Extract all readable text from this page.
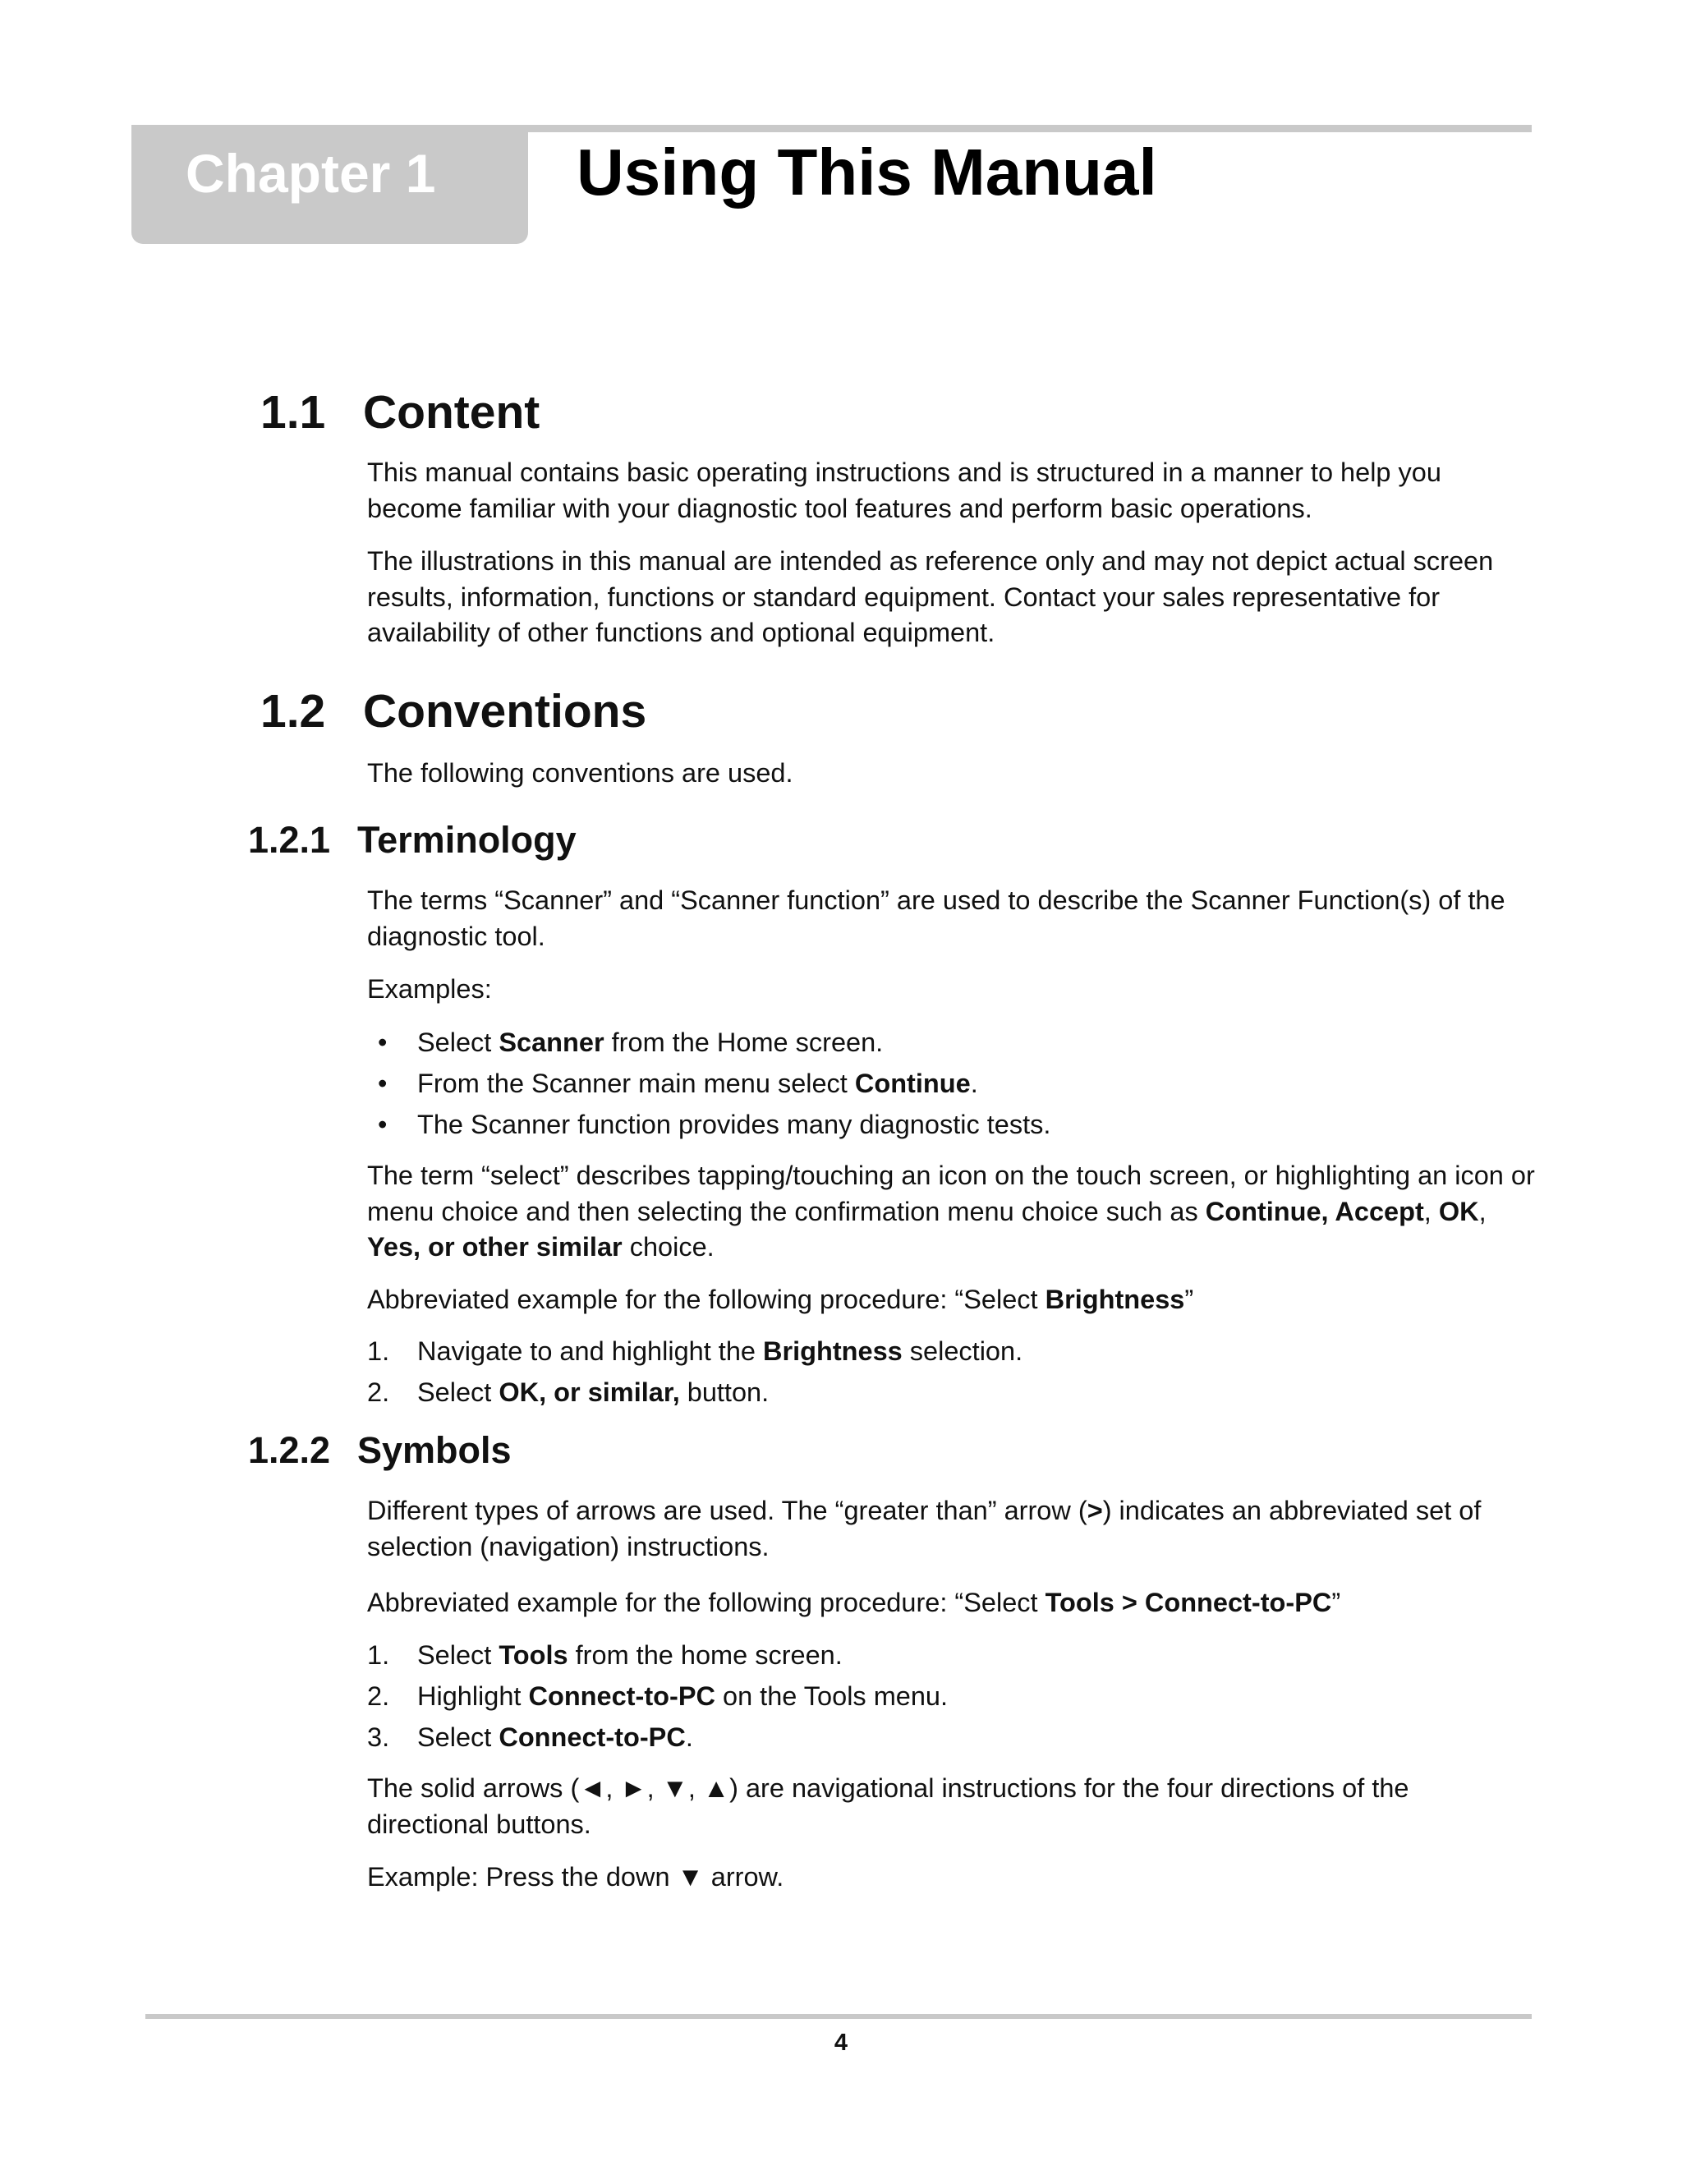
Chapter 1 Using This Manual
1.1 Content
This manual contains basic operating instructions and is structured in a manner to help you become familiar with your diagnostic tool features and perform basic operations.
The illustrations in this manual are intended as reference only and may not depict actual screen results, information, functions or standard equipment. Contact your sales representative for availability of other functions and optional equipment.
1.2 Conventions
The following conventions are used.
1.2.1 Terminology
The terms “Scanner” and “Scanner function” are used to describe the Scanner Function(s) of the diagnostic tool.
Examples:
• Select Scanner from the Home screen.
• From the Scanner main menu select Continue.
• The Scanner function provides many diagnostic tests.
The term “select” describes tapping/touching an icon on the touch screen, or highlighting an icon or menu choice and then selecting the confirmation menu choice such as Continue, Accept, OK, Yes, or other similar choice.
Abbreviated example for the following procedure: “Select Brightness”
1. Navigate to and highlight the Brightness selection.
2. Select OK, or similar, button.
1.2.2 Symbols
Different types of arrows are used. The “greater than” arrow (>) indicates an abbreviated set of selection (navigation) instructions.
Abbreviated example for the following procedure: “Select Tools > Connect-to-PC”
1. Select Tools from the home screen.
2. Highlight Connect-to-PC on the Tools menu.
3. Select Connect-to-PC.
The solid arrows (◄, ►, ▼, ▲) are navigational instructions for the four directions of the directional buttons.
Example: Press the down ▼ arrow.
4
